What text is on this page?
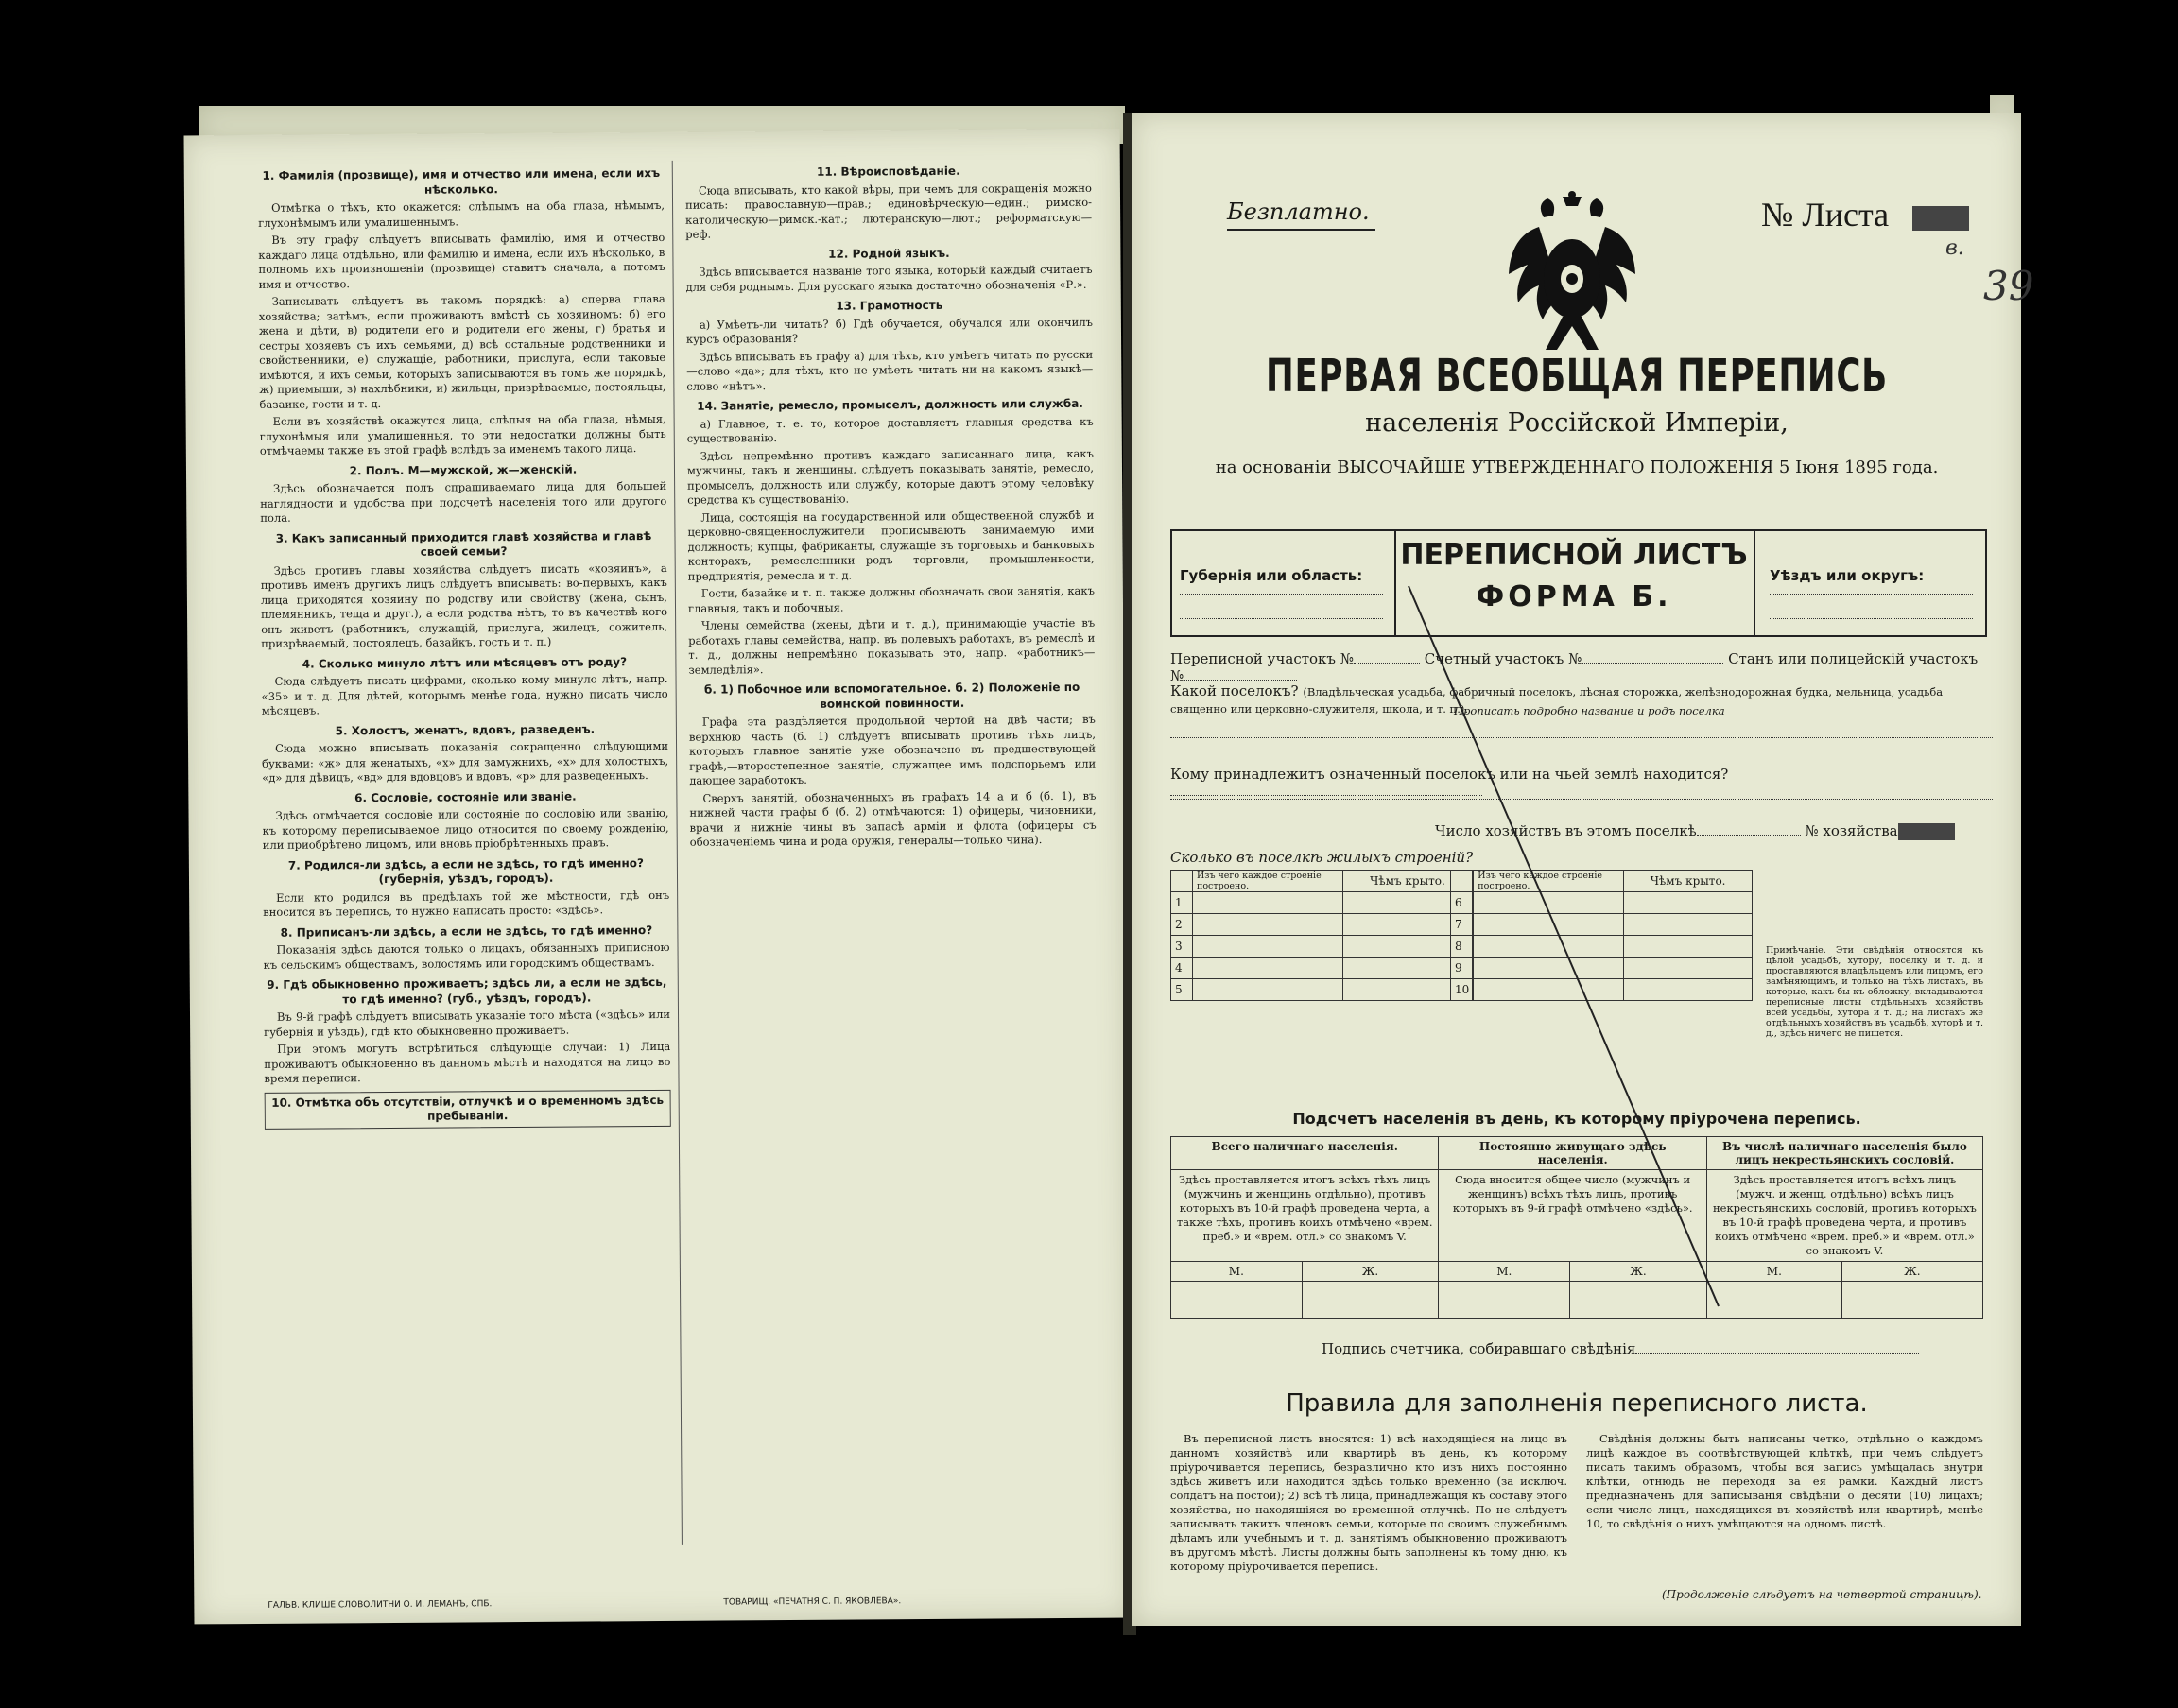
1. Фамилія (прозвище), имя и отчество или имена, если ихъ нѣсколько.

Отмѣтка о тѣхъ, кто окажется: слѣпымъ на оба глаза, нѣмымъ, глухонѣмымъ или умалишеннымъ.

Въ эту графу слѣдуетъ вписывать фамилію, имя и отчество каждаго лица отдѣльно, или фамилію и имена, если ихъ нѣсколько, в полномъ ихъ произношеніи (прозвище) ставитъ сначала, а потомъ имя и отчество.

Записывать слѣдуетъ въ такомъ порядкѣ: а) сперва глава хозяйства; затѣмъ, если проживаютъ вмѣстѣ съ хозяиномъ: б) его жена и дѣти, в) родители его и родители его жены, г) братья и сестры хозяевъ съ ихъ семьями, д) всѣ остальные родственники и свойственники, е) служащіе, работники, прислуга, если таковые имѣются, и ихъ семьи, которыхъ записываются въ томъ же порядкѣ, ж) приемыши, з) нахлѣбники, и) жильцы, призрѣваемые, постояльцы, базаике, гости и т. д.

Если въ хозяйствѣ окажутся лица, слѣпыя на оба глаза, нѣмыя, глухонѣмыя или умалишенныя, то эти недостатки должны быть отмѣчаемы также въ этой графѣ вслѣдъ за именемъ такого лица.

2. Полъ. М—мужской, ж—женскій.

Здѣсь обозначается полъ спрашиваемаго лица для большей наглядности и удобства при подсчетѣ населенія того или другого пола.

3. Какъ записанный приходится главѣ хозяйства и главѣ своей семьи?

Здѣсь противъ главы хозяйства слѣдуетъ писать «хозяинъ», а противъ именъ другихъ лицъ слѣдуетъ вписывать: во-первыхъ, какъ лица приходятся хозяину по родству или свойству (жена, сынъ, племянникъ, теща и друг.), а если родства нѣтъ, то въ качествѣ кого онъ живетъ (работникъ, служащій, прислуга, жилецъ, сожитель, призрѣваемый, постоялецъ, базайкъ, гость и т. п.)

4. Сколько минуло лѣтъ или мѣсяцевъ отъ роду?

Сюда слѣдуетъ писать цифрами, сколько кому минуло лѣтъ, напр. «35» и т. д. Для дѣтей, которымъ менѣе года, нужно писать число мѣсяцевъ.

5. Холостъ, женатъ, вдовъ, разведенъ.

Сюда можно вписывать показанія сокращенно слѣдующими буквами: «ж» для женатыхъ, «х» для замужнихъ, «х» для холостыхъ, «д» для дѣвицъ, «вд» для вдовцовъ и вдовъ, «р» для разведенныхъ.

6. Сословіе, состояніе или званіе.

Здѣсь отмѣчается сословіе или состояніе по сословію или званію, къ которому переписываемое лицо относится по своему рожденію, или приобрѣтено лицомъ, или вновь пріобрѣтенныхъ правъ.

7. Родился-ли здѣсь, а если не здѣсь, то гдѣ именно? (губернія, уѣздъ, городъ).

Если кто родился въ предѣлахъ той же мѣстности, гдѣ онъ вносится въ перепись, то нужно написать просто: «здѣсь».

8. Приписанъ-ли здѣсь, а если не здѣсь, то гдѣ именно?

Показанія здѣсь даются только о лицахъ, обязанныхъ приписною къ сельскимъ обществамъ, волостямъ или городскимъ обществамъ.

9. Гдѣ обыкновенно проживаетъ; здѣсь ли, а если не здѣсь, то гдѣ именно? (губ., уѣздъ, городъ).

Въ 9-й графѣ слѣдуетъ вписывать указаніе того мѣста («здѣсь» или губернія и уѣздъ), гдѣ кто обыкновенно проживаетъ.

При этомъ могутъ встрѣтиться слѣдующіе случаи: 1) Лица проживаютъ обыкновенно въ данномъ мѣстѣ и находятся на лицо во время переписи.

10. Отмѣтка объ отсутствіи, отлучкѣ и о временномъ здѣсь пребываніи.
11. Вѣроисповѣданіе.

Сюда вписывать, кто какой вѣры, при чемъ для сокращенія можно писать: православную—прав.; единовѣрческую—един.; римско-католическую—римск.-кат.; лютеранскую—лют.; реформатскую—реф.

12. Родной языкъ.

Здѣсь вписывается названіе того языка, который каждый считаетъ для себя роднымъ. Для русскаго языка достаточно обозначенія «Р.».

13. Грамотность

а) Умѣетъ-ли читать? б) Гдѣ обучается, обучался или окончилъ курсъ образованія?

Здѣсь вписывать въ графу а) для тѣхъ, кто умѣетъ читать по русски—слово «да»; для тѣхъ, кто не умѣетъ читать ни на какомъ языкѣ—слово «нѣтъ».

14. Занятіе, ремесло, промыселъ, должность или служба.

а) Главное, т. е. то, которое доставляетъ главныя средства къ существованію.

Здѣсь непремѣнно противъ каждаго записаннаго лица, какъ мужчины, такъ и женщины, слѣдуетъ показывать занятіе, ремесло, промыселъ, должность или службу, которые даютъ этому человѣку средства къ существованію.

Лица, состоящія на государственной или общественной службѣ и церковно-священнослужители прописываютъ занимаемую ими должность; купцы, фабриканты, служащіе въ торговыхъ и банковыхъ конторахъ, ремесленники—родъ торговли, промышленности, предприятія, ремесла и т. д.

Гости, базайке и т. п. также должны обозначать свои занятія, какъ главныя, такъ и побочныя.

Члены семейства (жены, дѣти и т. д.), принимающіе участіе въ работахъ главы семейства, напр. въ полевыхъ работахъ, въ ремеслѣ и т. д., должны непремѣнно показывать это, напр. «работникъ—земледѣлія».

б. 1) Побочное или вспомогательное. б. 2) Положеніе по воинской повинности.

Графа эта раздѣляется продольной чертой на двѣ части; въ верхнюю часть (б. 1) слѣдуетъ вписывать противъ тѣхъ лицъ, которыхъ главное занятіе уже обозначено въ предшествующей графѣ,—второстепенное занятіе, служащее имъ подспорьемъ или дающее заработокъ.

Сверхъ занятій, обозначенныхъ въ графахъ 14 а и б (б. 1), въ нижней части графы б (б. 2) отмѣчаются: 1) офицеры, чиновники, врачи и нижніе чины въ запасѣ арміи и флота (офицеры съ обозначеніемъ чина и рода оружія, генералы—только чина).

ГАЛЬВ. КЛИШЕ СЛОВОЛИТНИ О. И. ЛЕМАНЪ, СПБ.	ТОВАРИЩ. «ПЕЧАТНЯ С. П. ЯКОВЛЕВА».
Безплатно.	№ Листа
в.
39
ПЕРВАЯ ВСЕОБЩАЯ ПЕРЕПИСЬ
населенія Россійской Имперіи,
на основаніи ВЫСОЧАЙШЕ УТВЕРЖДЕННАГО ПОЛОЖЕНІЯ 5 Іюня 1895 года.
Губернія или область:
ПЕРЕПИСНОЙ ЛИСТЪ
ФОРМА Б.
Уѣздъ или округъ:
Переписной участокъ №	Счетный участокъ №	Станъ или полицейскій участокъ №
Какой поселокъ? (Владѣльческая усадьба, фабричный поселокъ, лѣсная сторожка, желѣзнодорожная будка, мельница, усадьба священно или церковно-служителя, школа, и т. п.).
Прописать подробно название и родъ поселка
Кому принадлежитъ означенный поселокъ или на чьей землѣ находится?
Число хозяйствъ въ этомъ поселкѣ	№ хозяйства
Сколько въ поселкѣ жилыхъ строеній?
	Изъ чего каждое строеніе построено.	Чѣмъ крыто.
1		
2		
3		
4		
5		
	Изъ чего каждое строеніе построено.	Чѣмъ крыто.
6		
7		
8		
9		
10		
Примѣчаніе. Эти свѣдѣнія относятся къ цѣлой усадьбѣ, хутору, поселку и т. д. и проставляются владѣльцемъ или лицомъ, его замѣняющимъ, и только на тѣхъ листахъ, въ которые, какъ бы къ обложку, вкладываются переписные листы отдѣльныхъ хозяйствъ всей усадьбы, хутора и т. д.; на листахъ же отдѣльныхъ хозяйствъ въ усадьбѣ, хуторѣ и т. д., здѣсь ничего не пишется.
Подсчетъ населенія въ день, къ которому пріурочена перепись.
Всего наличнаго населенія.		Постоянно живущаго здѣсь населенія.		Въ числѣ наличнаго населенія было лицъ некрестьянскихъ сословій.	
Здѣсь проставляется итогъ всѣхъ тѣхъ лицъ (мужчинъ и женщинъ отдѣльно), противъ которыхъ въ 10-й графѣ проведена черта, а также тѣхъ, противъ коихъ отмѣчено «врем. преб.» и «врем. отл.» со знакомъ V.		Сюда вносится общее число (мужчинъ и женщинъ) всѣхъ тѣхъ лицъ, противъ которыхъ въ 9-й графѣ отмѣчено «здѣсь».		Здѣсь проставляется итогъ всѣхъ лицъ (мужч. и женщ. отдѣльно) всѣхъ лицъ некрестьянскихъ сословій, противъ которыхъ въ 10-й графѣ проведена черта, и противъ коихъ отмѣчено «врем. преб.» и «врем. отл.» со знакомъ V.	
М.	Ж.	М.	Ж.	М.	Ж.

Подпись счетчика, собиравшаго свѣдѣнія
Правила для заполненія переписного листа.
Въ переписной листъ вносятся: 1) всѣ находящіеся на лицо въ данномъ хозяйствѣ или квартирѣ въ день, къ которому пріурочивается перепись, безразлично кто изъ нихъ постоянно здѣсь живетъ или находится здѣсь только временно (за исключ. солдатъ на постои); 2) всѣ тѣ лица, принадлежащія къ составу этого хозяйства, но находящіяся во временной отлучкѣ. По не слѣдуетъ записывать такихъ членовъ семьи, которые по своимъ служебнымъ дѣламъ или учебнымъ и т. д. занятіямъ обыкновенно проживаютъ въ другомъ мѣстѣ. Листы должны быть заполнены къ тому дню, къ которому пріурочивается перепись.
Свѣдѣнія должны быть написаны четко, отдѣльно о каждомъ лицѣ каждое въ соотвѣтствующей клѣткѣ, при чемъ слѣдуетъ писать такимъ образомъ, чтобы вся запись умѣщалась внутри клѣтки, отнюдь не переходя за ея рамки. Каждый листъ предназначенъ для записыванія свѣдѣній о десяти (10) лицахъ; если число лицъ, находящихся въ хозяйствѣ или квартирѣ, менѣе 10, то свѣдѣнія о нихъ умѣщаются на одномъ листѣ.
(Продолженіе слѣдуетъ на четвертой страницѣ).
